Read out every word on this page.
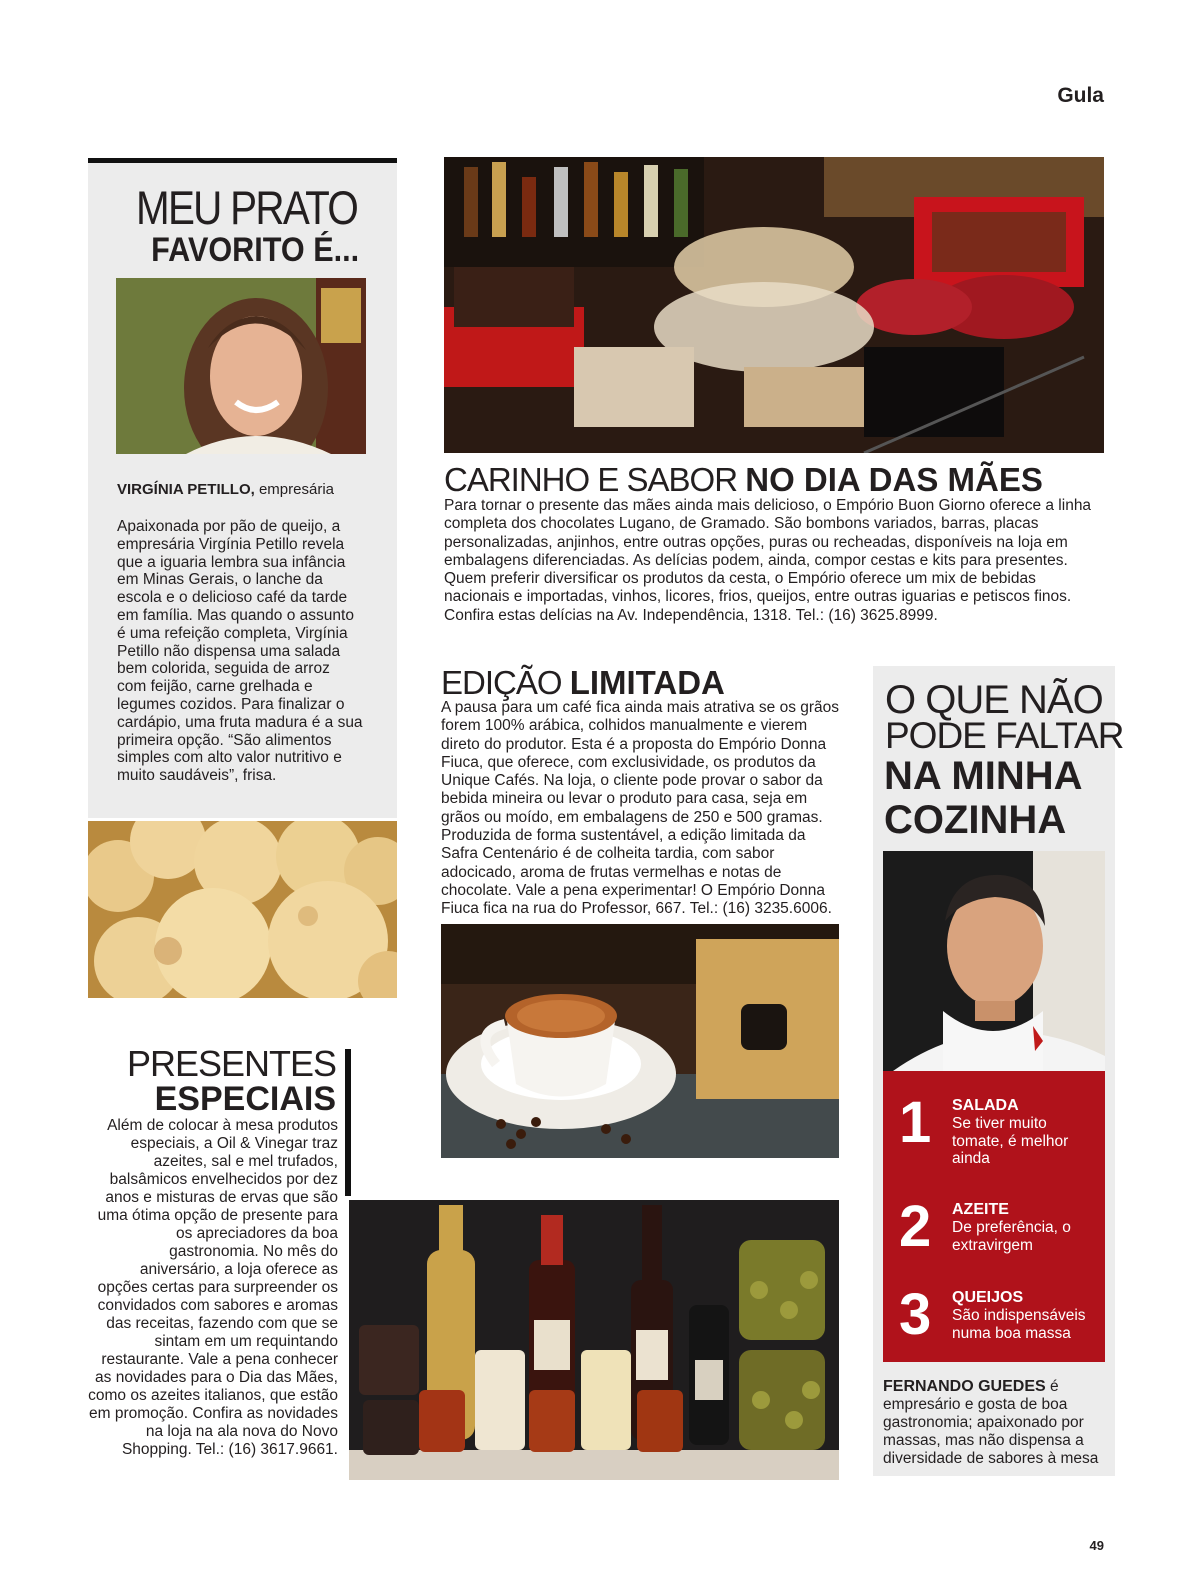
Gula
49
MEU PRATO
FAVORITO É...
VIRGÍNIA PETILLO, empresária
Apaixonada por pão de queijo, a empresária Virgínia Petillo revela que a iguaria lembra sua infância em Minas Gerais, o lanche da escola e o delicioso café da tarde em família. Mas quando o assunto é uma refeição completa, Virgínia Petillo não dispensa uma salada bem colorida, seguida de arroz com feijão, carne grelhada e legumes cozidos. Para finalizar o cardápio, uma fruta madura é a sua primeira opção. “São alimentos simples com alto valor nutritivo e muito saudáveis”, frisa.
PRESENTES
ESPECIAIS
Além de colocar à mesa produtos especiais, a Oil & Vinegar traz azeites, sal e mel trufados, balsâmicos envelhecidos por dez anos e misturas de ervas que são uma ótima opção de presente para os apreciadores da boa gastronomia. No mês do aniversário, a loja oferece as opções certas para surpreender os convidados com sabores e aromas das receitas, fazendo com que se sintam em um requintando restaurante. Vale a pena conhecer as novidades para o Dia das Mães, como os azeites italianos, que estão em promoção. Confira as novidades na loja na ala nova do Novo Shopping. Tel.: (16) 3617.9661.
CARINHO E SABOR NO DIA DAS MÃES
Para tornar o presente das mães ainda mais delicioso, o Empório Buon Giorno oferece a linha completa dos chocolates Lugano, de Gramado. São bombons variados, barras, placas personalizadas, anjinhos, entre outras opções, puras ou recheadas, disponíveis na loja em embalagens diferenciadas. As delícias podem, ainda, compor cestas e kits para presentes. Quem preferir diversificar os produtos da cesta, o Empório oferece um mix de bebidas nacionais e importadas, vinhos, licores, frios, queijos, entre outras iguarias e petiscos finos. Confira estas delícias na Av. Independência, 1318. Tel.: (16) 3625.8999.
EDIÇÃO LIMITADA
A pausa para um café fica ainda mais atrativa se os grãos forem 100% arábica, colhidos manualmente e vierem direto do produtor. Esta é a proposta do Empório Donna Fiuca, que oferece, com exclusividade, os produtos da Unique Cafés. Na loja, o cliente pode provar o sabor da bebida mineira ou levar o produto para casa, seja em grãos ou moído, em embalagens de 250 e 500 gramas. Produzida de forma sustentável, a edição limitada da Safra Centenário é de colheita tardia, com sabor adocicado, aroma de frutas vermelhas e notas de chocolate. Vale a pena experimentar! O Empório Donna Fiuca fica na rua do Professor, 667. Tel.: (16) 3235.6006.
O QUE NÃO
PODE FALTAR
NA MINHA
COZINHA
1 SALADA
Se tiver muito tomate, é melhor ainda
2 AZEITE
De preferência, o extravirgem
3 QUEIJOS
São indispensáveis numa boa massa
FERNANDO GUEDES é empresário e gosta de boa gastronomia; apaixonado por massas, mas não dispensa a diversidade de sabores à mesa
